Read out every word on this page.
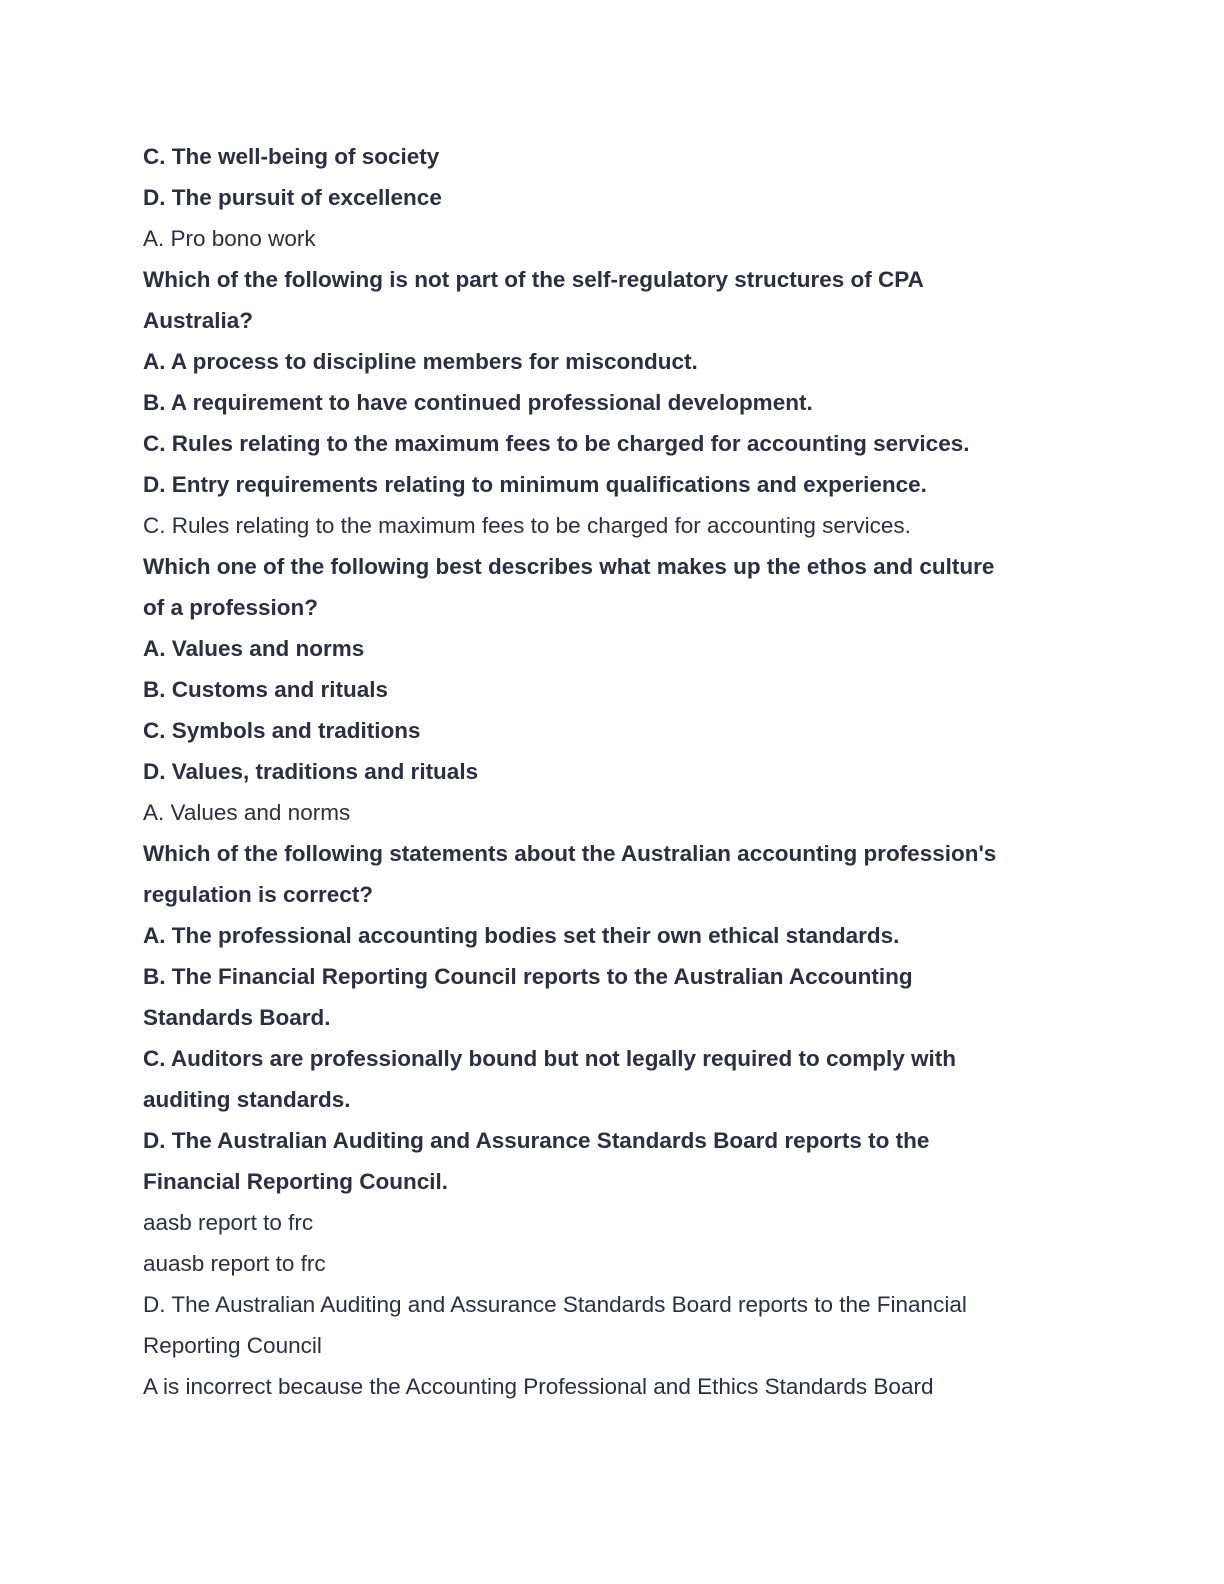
C. The well-being of society
D. The pursuit of excellence
A. Pro bono work
Which of the following is not part of the self-regulatory structures of CPA
Australia?
A. A process to discipline members for misconduct.
B. A requirement to have continued professional development.
C. Rules relating to the maximum fees to be charged for accounting services.
D. Entry requirements relating to minimum qualifications and experience.
C. Rules relating to the maximum fees to be charged for accounting services.
Which one of the following best describes what makes up the ethos and culture
of a profession?
A. Values and norms
B. Customs and rituals
C. Symbols and traditions
D. Values, traditions and rituals
A. Values and norms
Which of the following statements about the Australian accounting profession's
regulation is correct?
A. The professional accounting bodies set their own ethical standards.
B. The Financial Reporting Council reports to the Australian Accounting
Standards Board.
C. Auditors are professionally bound but not legally required to comply with
auditing standards.
D. The Australian Auditing and Assurance Standards Board reports to the
Financial Reporting Council.
aasb report to frc
auasb report to frc
D. The Australian Auditing and Assurance Standards Board reports to the Financial
Reporting Council
A is incorrect because the Accounting Professional and Ethics Standards Board
